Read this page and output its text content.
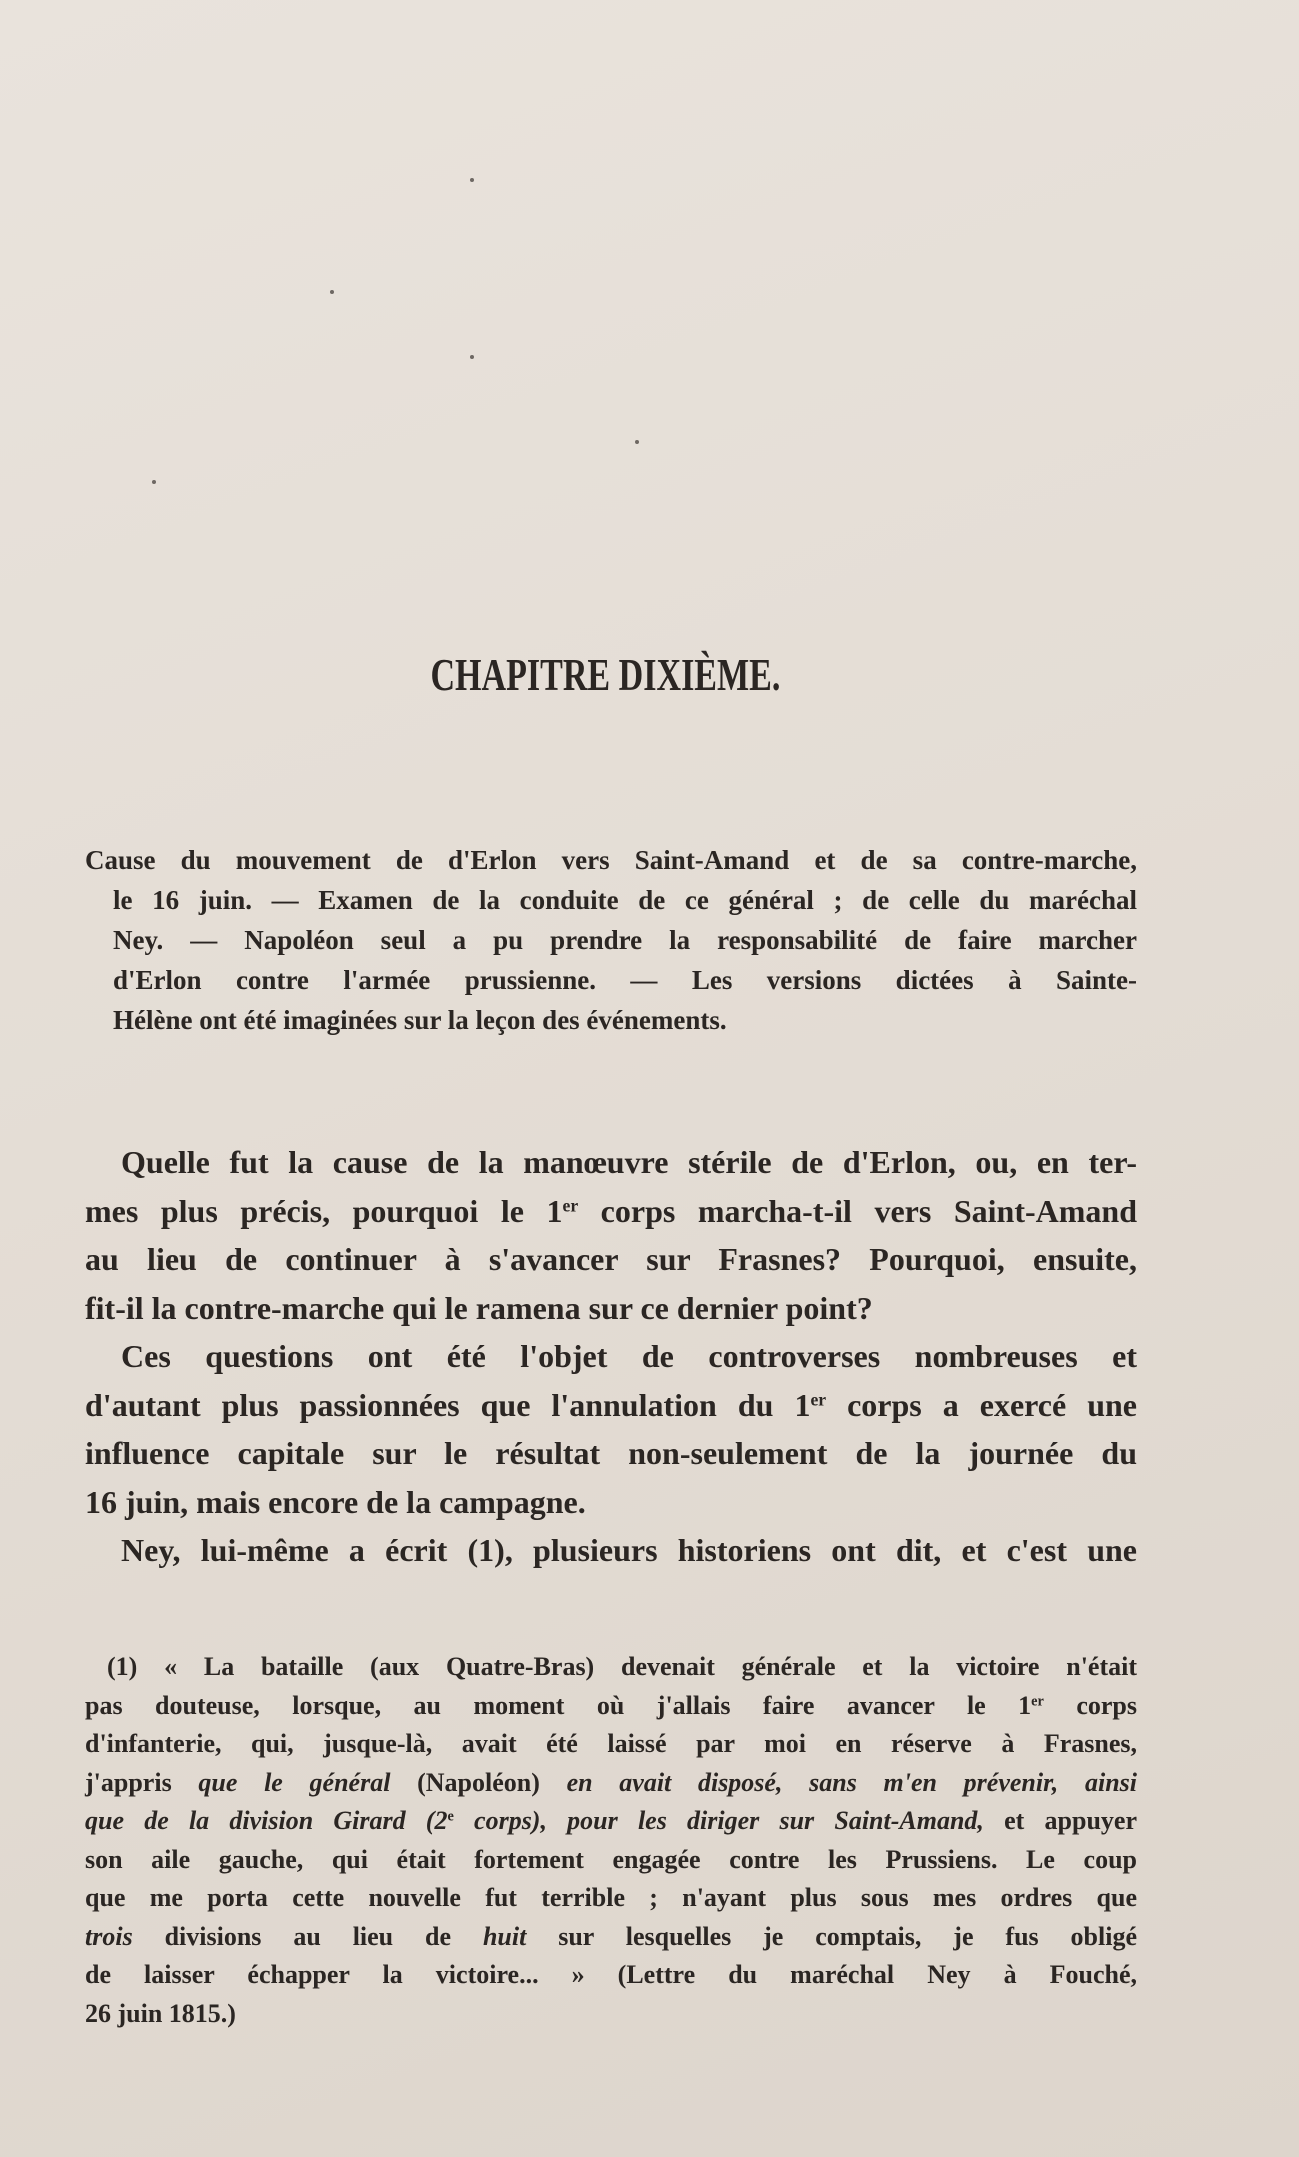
CHAPITRE DIXIÈME.
Cause du mouvement de d'Erlon vers Saint-Amand et de sa contre-marche,
le 16 juin. — Examen de la conduite de ce général ; de celle du maréchal
Ney. — Napoléon seul a pu prendre la responsabilité de faire marcher
d'Erlon contre l'armée prussienne. — Les versions dictées à Sainte-
Hélène ont été imaginées sur la leçon des événements.
Quelle fut la cause de la manœuvre stérile de d'Erlon, ou, en ter-
mes plus précis, pourquoi le 1er corps marcha-t-il vers Saint-Amand
au lieu de continuer à s'avancer sur Frasnes? Pourquoi, ensuite,
fit-il la contre-marche qui le ramena sur ce dernier point?
Ces questions ont été l'objet de controverses nombreuses et
d'autant plus passionnées que l'annulation du 1er corps a exercé une
influence capitale sur le résultat non-seulement de la journée du
16 juin, mais encore de la campagne.
Ney, lui-même a écrit (1), plusieurs historiens ont dit, et c'est une
(1) « La bataille (aux Quatre-Bras) devenait générale et la victoire n'était
pas douteuse, lorsque, au moment où j'allais faire avancer le 1er corps
d'infanterie, qui, jusque-là, avait été laissé par moi en réserve à Frasnes,
j'appris que le général (Napoléon) en avait disposé, sans m'en prévenir, ainsi
que de la division Girard (2e corps), pour les diriger sur Saint-Amand, et appuyer
son aile gauche, qui était fortement engagée contre les Prussiens. Le coup
que me porta cette nouvelle fut terrible ; n'ayant plus sous mes ordres que
trois divisions au lieu de huit sur lesquelles je comptais, je fus obligé
de laisser échapper la victoire... » (Lettre du maréchal Ney à Fouché,
26 juin 1815.)
